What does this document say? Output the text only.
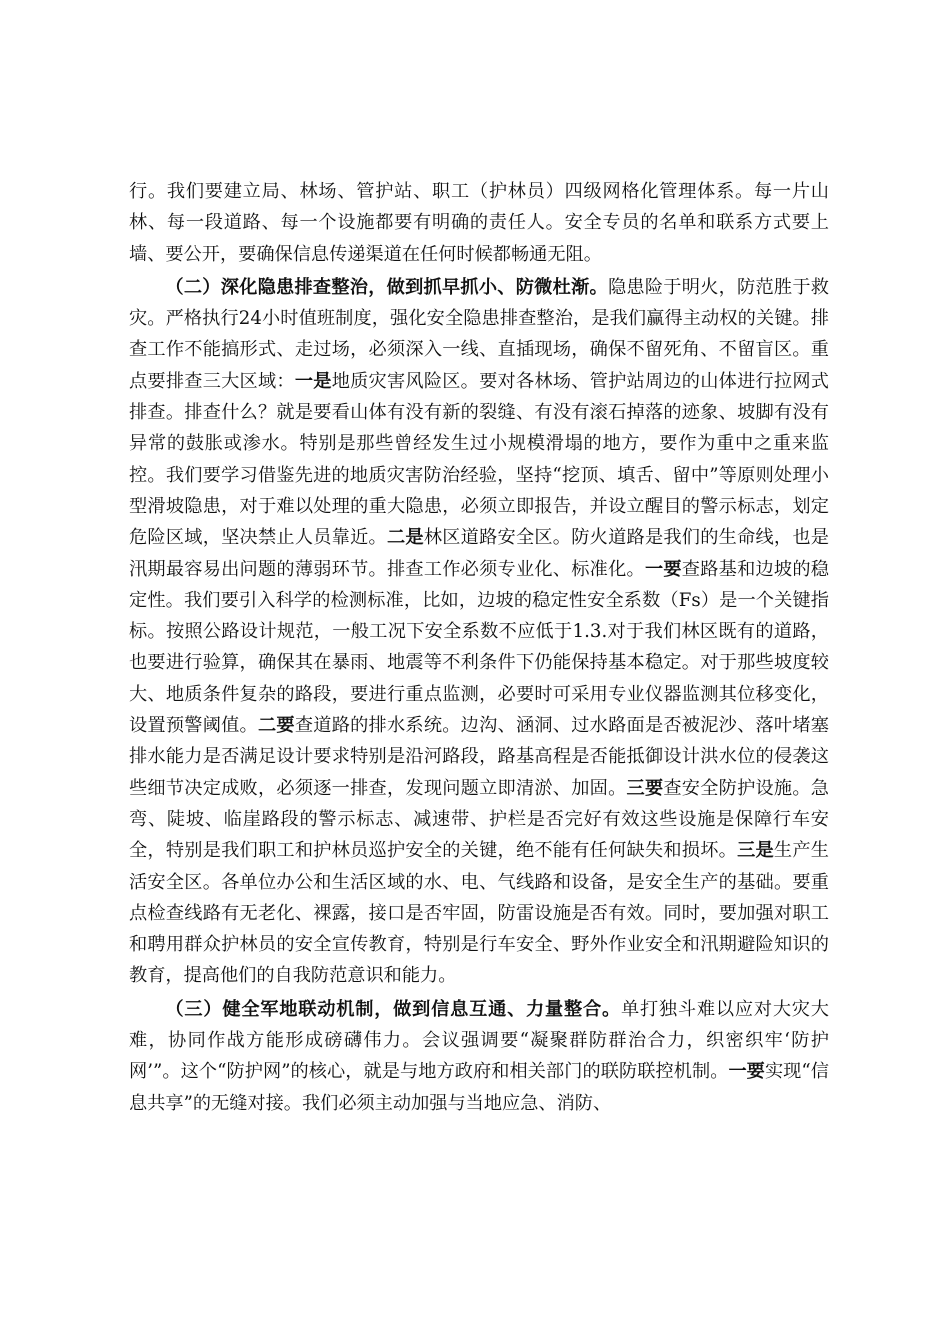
行。我们要建立局、林场、管护站、职工（护林员）四级网格化管理体系。每一片山林、每一段道路、每一个设施都要有明确的责任人。安全专员的名单和联系方式要上墙、要公开，要确保信息传递渠道在任何时候都畅通无阻。

（二）深化隐患排查整治，做到抓早抓小、防微杜渐。隐患险于明火，防范胜于救灾。严格执行24小时值班制度，强化安全隐患排查整治，是我们赢得主动权的关键。排查工作不能搞形式、走过场，必须深入一线、直插现场，确保不留死角、不留盲区。重点要排查三大区域：一是地质灾害风险区。要对各林场、管护站周边的山体进行拉网式排查。排查什么？就是要看山体有没有新的裂缝、有没有滚石掉落的迹象、坡脚有没有异常的鼓胀或渗水。特别是那些曾经发生过小规模滑塌的地方，要作为重中之重来监控。我们要学习借鉴先进的地质灾害防治经验，坚持“挖顶、填舌、留中”等原则处理小型滑坡隐患，对于难以处理的重大隐患，必须立即报告，并设立醒目的警示标志，划定危险区域，坚决禁止人员靠近。二是林区道路安全区。防火道路是我们的生命线，也是汛期最容易出问题的薄弱环节。排查工作必须专业化、标准化。一要查路基和边坡的稳定性。我们要引入科学的检测标准，比如，边坡的稳定性安全系数（Fs）是一个关键指标。按照公路设计规范，一般工况下安全系数不应低于1.3.对于我们林区既有的道路，也要进行验算，确保其在暴雨、地震等不利条件下仍能保持基本稳定。对于那些坡度较大、地质条件复杂的路段，要进行重点监测，必要时可采用专业仪器监测其位移变化，设置预警阈值。二要查道路的排水系统。边沟、涵洞、过水路面是否被泥沙、落叶堵塞排水能力是否满足设计要求特别是沿河路段，路基高程是否能抵御设计洪水位的侵袭这些细节决定成败，必须逐一排查，发现问题立即清淤、加固。三要查安全防护设施。急弯、陡坡、临崖路段的警示标志、减速带、护栏是否完好有效这些设施是保障行车安全，特别是我们职工和护林员巡护安全的关键，绝不能有任何缺失和损坏。三是生产生活安全区。各单位办公和生活区域的水、电、气线路和设备，是安全生产的基础。要重点检查线路有无老化、裸露，接口是否牢固，防雷设施是否有效。同时，要加强对职工和聘用群众护林员的安全宣传教育，特别是行车安全、野外作业安全和汛期避险知识的教育，提高他们的自我防范意识和能力。

（三）健全军地联动机制，做到信息互通、力量整合。单打独斗难以应对大灾大难，协同作战方能形成磅礴伟力。会议强调要“凝聚群防群治合力，织密织牢‘防护网’”。这个“防护网”的核心，就是与地方政府和相关部门的联防联控机制。一要实现“信息共享”的无缝对接。我们必须主动加强与当地应急、消防、
